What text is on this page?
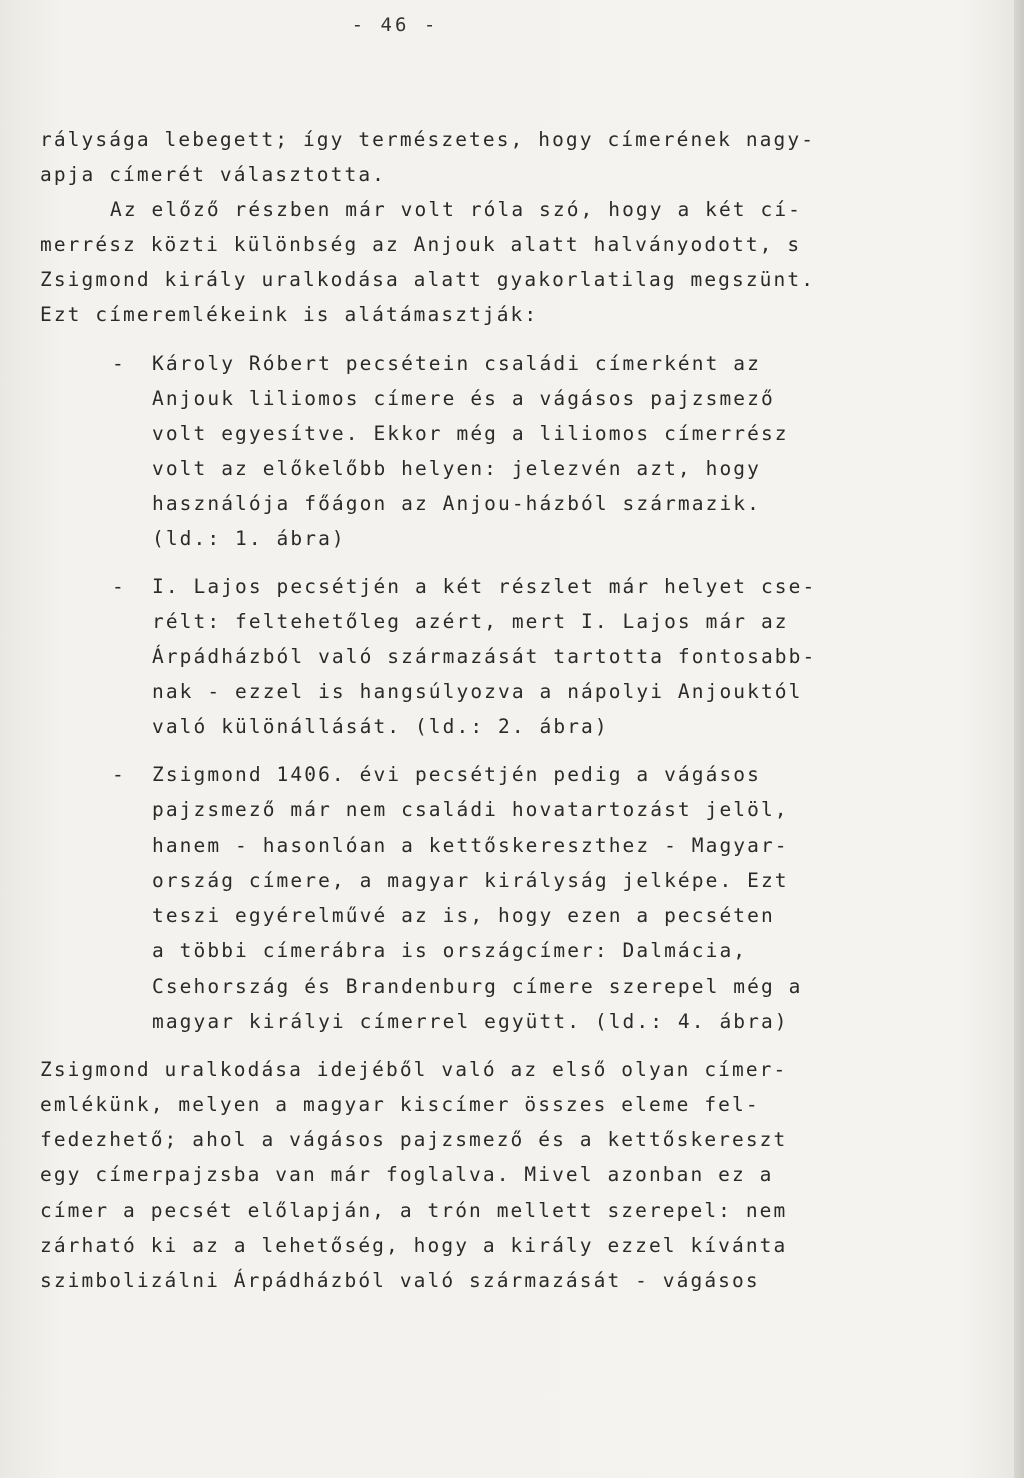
- 46 -
rálysága lebegett; így természetes, hogy címerének nagy-
apja címerét választotta.
Az előző részben már volt róla szó, hogy a két cí-
merrész közti különbség az Anjouk alatt halványodott, s
Zsigmond király uralkodása alatt gyakorlatilag megszünt.
Ezt címeremlékeink is alátámasztják:
- Károly Róbert pecsétein családi címerként az
Anjouk liliomos címere és a vágásos pajzsmező
volt egyesítve. Ekkor még a liliomos címerrész
volt az előkelőbb helyen: jelezvén azt, hogy
használója főágon az Anjou-házból származik.
(ld.: 1. ábra)
- I. Lajos pecsétjén a két részlet már helyet cse-
rélt: feltehetőleg azért, mert I. Lajos már az
Árpádházból való származását tartotta fontosabb-
nak - ezzel is hangsúlyozva a nápolyi Anjouktól
való különállását. (ld.: 2. ábra)
- Zsigmond 1406. évi pecsétjén pedig a vágásos
pajzsmező már nem családi hovatartozást jelöl,
hanem - hasonlóan a kettőskereszthez - Magyar-
ország címere, a magyar királyság jelképe. Ezt
teszi egyérelművé az is, hogy ezen a pecséten
a többi címerábra is országcímer: Dalmácia,
Csehország és Brandenburg címere szerepel még a
magyar királyi címerrel együtt. (ld.: 4. ábra)
Zsigmond uralkodása idejéből való az első olyan címer-
emlékünk, melyen a magyar kiscímer összes eleme fel-
fedezhető; ahol a vágásos pajzsmező és a kettőskereszt
egy címerpajzsba van már foglalva. Mivel azonban ez a
címer a pecsét előlapján, a trón mellett szerepel: nem
zárható ki az a lehetőség, hogy a király ezzel kívánta
szimbolizálni Árpádházból való származását - vágásos
